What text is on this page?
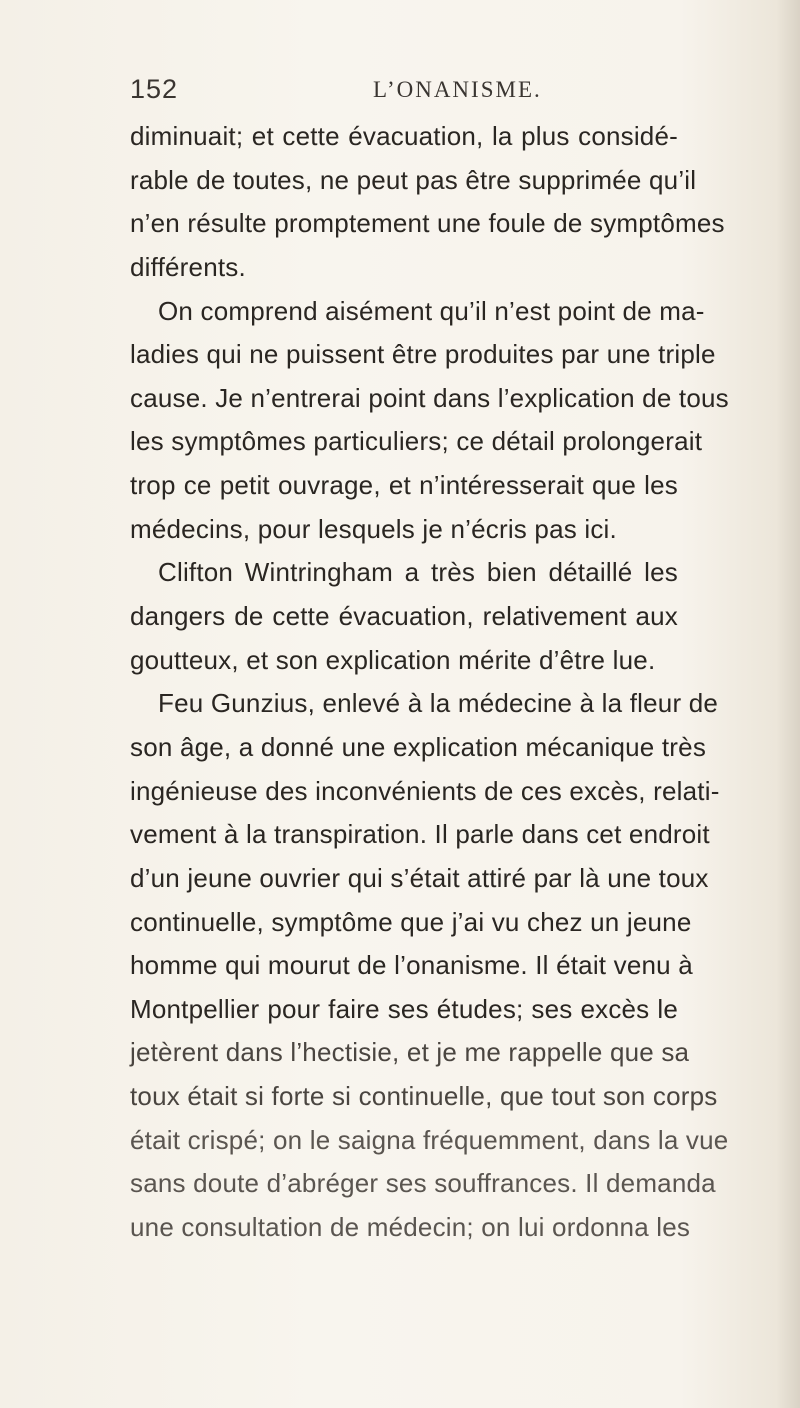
152	L’ONANISME.
diminuait; et cette évacuation, la plus considé-
rable de toutes, ne peut pas être supprimée qu’il
n’en résulte promptement une foule de symptômes
différents.
On comprend aisément qu’il n’est point de ma-
ladies qui ne puissent être produites par une triple
cause. Je n’entrerai point dans l’explication de tous
les symptômes particuliers; ce détail prolongerait
trop ce petit ouvrage, et n’intéresserait que les
médecins, pour lesquels je n’écris pas ici.
Clifton Wintringham a très bien détaillé les
dangers de cette évacuation, relativement aux
goutteux, et son explication mérite d’être lue.
Feu Gunzius, enlevé à la médecine à la fleur de
son âge, a donné une explication mécanique très
ingénieuse des inconvénients de ces excès, relati-
vement à la transpiration. Il parle dans cet endroit
d’un jeune ouvrier qui s’était attiré par là une toux
continuelle, symptôme que j’ai vu chez un jeune
homme qui mourut de l’onanisme. Il était venu à
Montpellier pour faire ses études; ses excès le
jetèrent dans l’hectisie, et je me rappelle que sa
toux était si forte si continuelle, que tout son corps
était crispé; on le saigna fréquemment, dans la vue
sans doute d’abréger ses souffrances. Il demanda
une consultation de médecin; on lui ordonna les
